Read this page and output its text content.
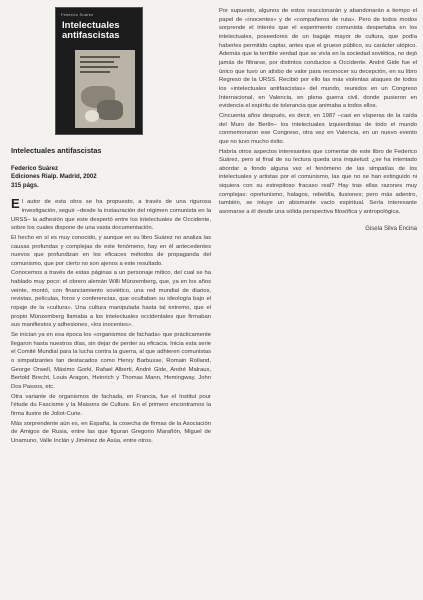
Federico Suárez
Intelectuales antifascistas
Intelectuales antifascistas
Federico Suárez
Ediciones Rialp. Madrid, 2002
315 págs.

El autor de esta obra se ha propuesto, a través de una rigurosa investigación, seguir –desde la instauración del régimen comunista en la URSS– la adhesión que este despertó entre los intelectuales de Occidente, sobre los cuales dispone de una vasta documentación.

El hecho en sí es muy conocido, y aunque en su libro Suárez no analiza las causas profundas y complejas de este fenómeno, hay en él antecedentes nuevos que profundizan en los eficaces métodos de propaganda del comunismo, que por cierto no son ajenos a este resultado.

Conocemos a través de estas páginas a un personaje mítico, del cual se ha hablado muy poco: el obrero alemán Willi Münzemberg, que, ya en los años veinte, montó, con financiamiento soviético, una red mundial de diarios, revistas, películas, foros y conferencias, que ocultaban su ideología bajo el ropaje de la «cultura». Una cultura manipulada hasta tal extremo, que el propio Münzemberg llamaba a los intelectuales occidentales que firmaban sus manifiestos y adhesiones, «los inocentes».

Se inician ya en esa época los «organismos de fachada» que prácticamente llegaron hasta nuestros días, sin dejar de perder su eficacia. Inicia esta serie el Comité Mundial para la lucha contra la guerra, al que adhieren comunistas o simpatizantes tan destacados como Henry Barbusse, Romain Rolland, George Orwell, Máximo Gorki, Rafael Alberti, André Gide, André Malraux, Bertold Brecht, Louis Aragon, Heinrich y Thomas Mann, Hemingway, John Dos Passos, etc.

Otra variante de organismos de fachada, en Francia, fue el Institut pour l'étude du Fascisme y la Maisons de Culture. En el primero encontramos la firma ilustre de Joliot-Curie.

Más sorprendente aún es, en España, la cosecha de firmas de la Asociación de Amigos de Rusia, entre las que figuran Gregorio Marañón, Miguel de Unamuno, Valle Inclán y Jiménez de Asúa, entre otros.

Por supuesto, algunos de estos reaccionarán y abandonarán a tiempo el papel de «inocentes» y de «compañeros de ruta». Pero de todos modos sorprende el interés que el experimento comunista despertaba en los intelectuales, poseedores de un bagaje mayor de cultura, que podía haberles permitido captar, antes que el grueso público, su carácter utópico. Además que la terrible verdad que se vivía en la sociedad soviética, no dejó jamás de filtrarse, por distintos conductos a Occidente. André Gide fue el único que tuvo un atisbo de valor para reconocer su decepción, en su libro Regreso de la URSS. Recibió por ello las más violentas ataques de todos los «intelectuales antifascistas» del mundo, reunidos en un Congreso Internacional, en Valencia, en plena guerra civil, donde pusieron en evidencia el espíritu de tolerancia que animaba a todos ellos.

Cincuenta años después, es decir, en 1987 –casi en vísperas de la caída del Muro de Berlín– los intelectuales izquierdistas de todo el mundo conmemoraron ese Congreso, otra vez en Valencia, en un nuevo evento que no tuvo mucho éxito.

Habría otros aspectos interesantes que comentar de este libro de Federico Suárez, pero al final de su lectura queda una inquietud: ¿se ha intentado abordar a fondo alguna vez el fenómeno de las simpatías de los intelectuales y artistas por el comunismo, las que no se han extinguido ni siquiera con su estrepitoso fracaso real? Hay tras ellas razones muy complejas: oportunismo, halagos, rebeldía, ilusiones; pero más adentro, también, se intuye un abismante vacío espiritual. Sería interesante asomarse a él desde una sólida perspectiva filosófica y antropológica.

Gisela Silva Encina
